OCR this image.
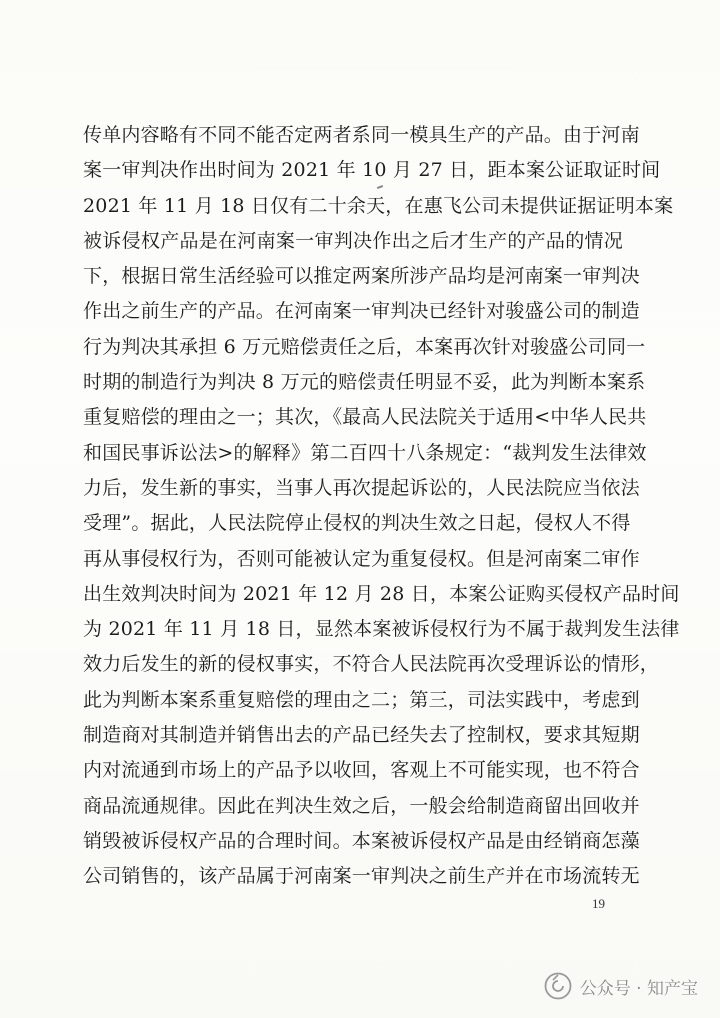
传单内容略有不同不能否定两者系同一模具生产的产品。由于河南
案一审判决作出时间为 2021 年 10 月 27 日，距本案公证取证时间
2021 年 11 月 18 日仅有二十余天，在惠飞公司未提供证据证明本案
被诉侵权产品是在河南案一审判决作出之后才生产的产品的情况
下，根据日常生活经验可以推定两案所涉产品均是河南案一审判决
作出之前生产的产品。在河南案一审判决已经针对骏盛公司的制造
行为判决其承担 6 万元赔偿责任之后，本案再次针对骏盛公司同一
时期的制造行为判决 8 万元的赔偿责任明显不妥，此为判断本案系
重复赔偿的理由之一；其次，《最高人民法院关于适用<中华人民共
和国民事诉讼法>的解释》第二百四十八条规定：“裁判发生法律效
力后，发生新的事实，当事人再次提起诉讼的，人民法院应当依法
受理”。据此，人民法院停止侵权的判决生效之日起，侵权人不得
再从事侵权行为，否则可能被认定为重复侵权。但是河南案二审作
出生效判决时间为 2021 年 12 月 28 日，本案公证购买侵权产品时间
为 2021 年 11 月 18 日，显然本案被诉侵权行为不属于裁判发生法律
效力后发生的新的侵权事实，不符合人民法院再次受理诉讼的情形，
此为判断本案系重复赔偿的理由之二；第三，司法实践中，考虑到
制造商对其制造并销售出去的产品已经失去了控制权，要求其短期
内对流通到市场上的产品予以收回，客观上不可能实现，也不符合
商品流通规律。因此在判决生效之后，一般会给制造商留出回收并
销毁被诉侵权产品的合理时间。本案被诉侵权产品是由经销商怎藻
公司销售的，该产品属于河南案一审判决之前生产并在市场流转无
19
公众号 · 知产宝
